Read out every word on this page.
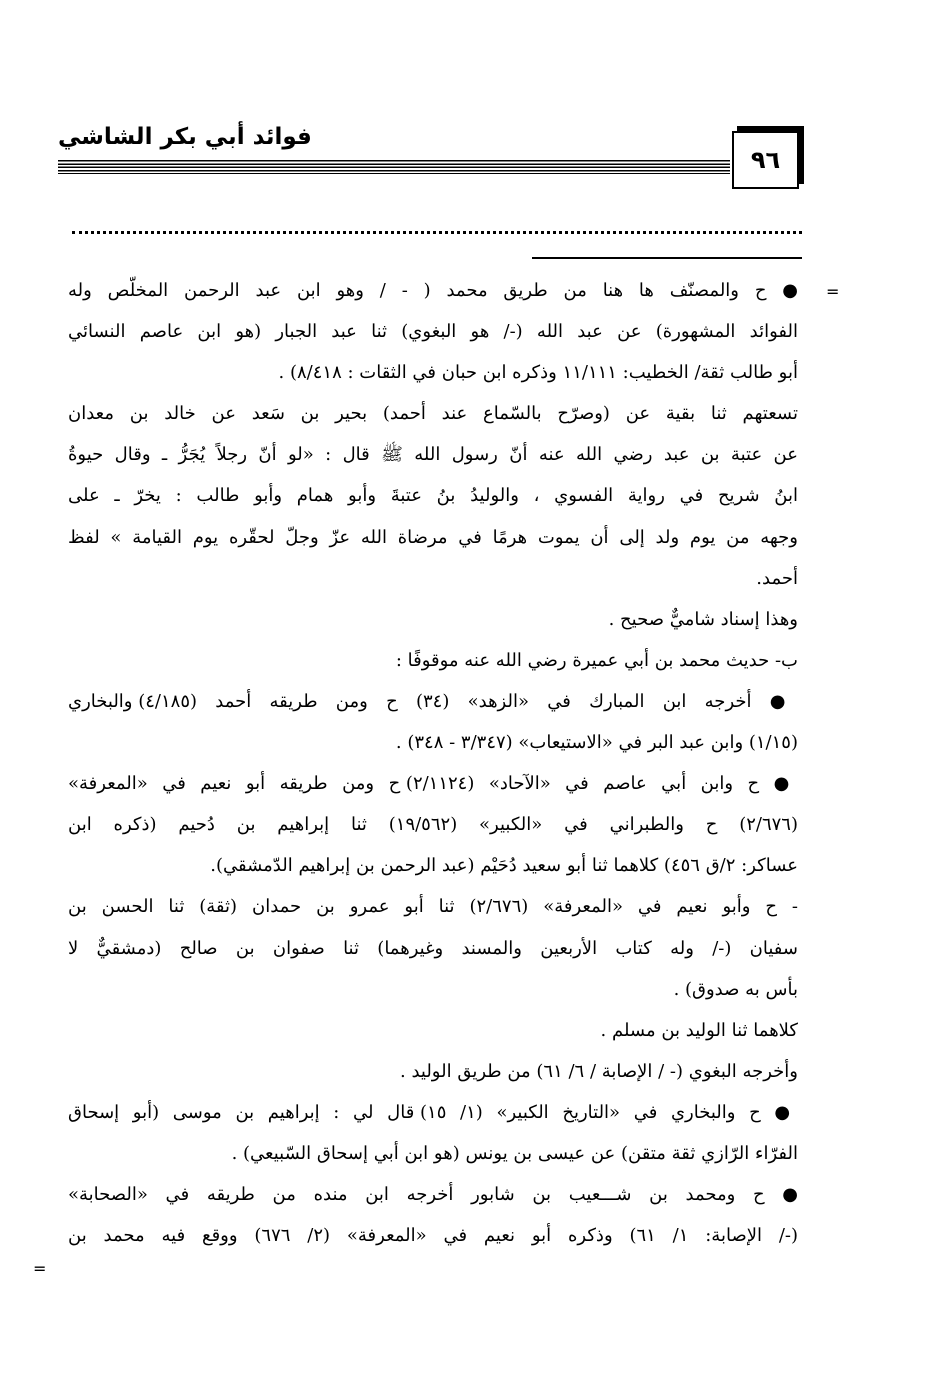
فوائد أبي بكر الشاشي
٩٦
=
=
● ح والمصنّف ها هنا من طريق محمد ( - / وهو ابن عبد الرحمن المخلّص وله
الفوائد المشهورة) عن عبد الله (-/ هو البغوي) ثنا عبد الجبار (هو ابن عاصم النسائي
أبو طالب ثقة/ الخطيب: ١١/١١١ وذكره ابن حبان في الثقات : ٨/٤١٨) .
تسعتهم ثنا بقية عن (وصرّح بالسّماع عند أحمد) بحير بن سَعد عن خالد بن معدان
عن عتبة بن عبد رضي الله عنه أنّ رسول الله ﷺ قال : «لو أنّ رجلاً يُجَرُّ ـ وقال حيوةُ
ابنُ شريح في رواية الفسوي ، والوليدُ بنُ عتبةَ وأبو همام وأبو طالب : يخرّ ـ على
وجهه من يوم ولد إلى أن يموت هرمًا في مرضاة الله عزّ وجلّ لحقّره يوم القيامة » لفظ
أحمد.
وهذا إسناد شاميٌّ صحيح .
ب- حديث محمد بن أبي عميرة رضي الله عنه موقوفًا :
● أخرجه ابن المبارك في «الزهد» (٣٤) ح ومن طريقه أحمد (٤/١٨٥) والبخاري
(١/١٥) وابن عبد البر في «الاستيعاب» (٣/٣٤٧ - ٣٤٨) .
● ح وابن أبي عاصم في «الآحاد» (٢/١١٢٤) ح ومن طريقه أبو نعيم في «المعرفة»
(٢/٦٧٦) ح والطبراني في «الكبير» (١٩/٥٦٢) ثنا إبراهيم بن دُحيم (ذكره ابن
عساكر: ٢/ق ٤٥٦) كلاهما ثنا أبو سعيد دُحَيْم (عبد الرحمن بن إبراهيم الدّمشقي).
- ح وأبو نعيم في «المعرفة» (٢/٦٧٦) ثنا أبو عمرو بن حمدان (ثقة) ثنا الحسن بن
سفيان (-/ وله كتاب الأربعين والمسند وغيرهما) ثنا صفوان بن صالح (دمشقيٌّ لا
بأس به صدوق) .
كلاهما ثنا الوليد بن مسلم .
وأخرجه البغوي (- / الإصابة / ٦/ ٦١) من طريق الوليد .
● ح والبخاري في «التاريخ الكبير» (١/ ١٥) قال لي : إبراهيم بن موسى (أبو إسحاق
الفرّاء الرّازي ثقة متقن) عن عيسى بن يونس (هو ابن أبي إسحاق السّبيعي) .
● ح ومحمد بن شـــعيب بن شابور أخرجه ابن منده من طريقه في «الصحابة»
(-/ الإصابة: ١/ ٦١) وذكره أبو نعيم في «المعرفة» (٢/ ٦٧٦) ووقع فيه محمد بن
